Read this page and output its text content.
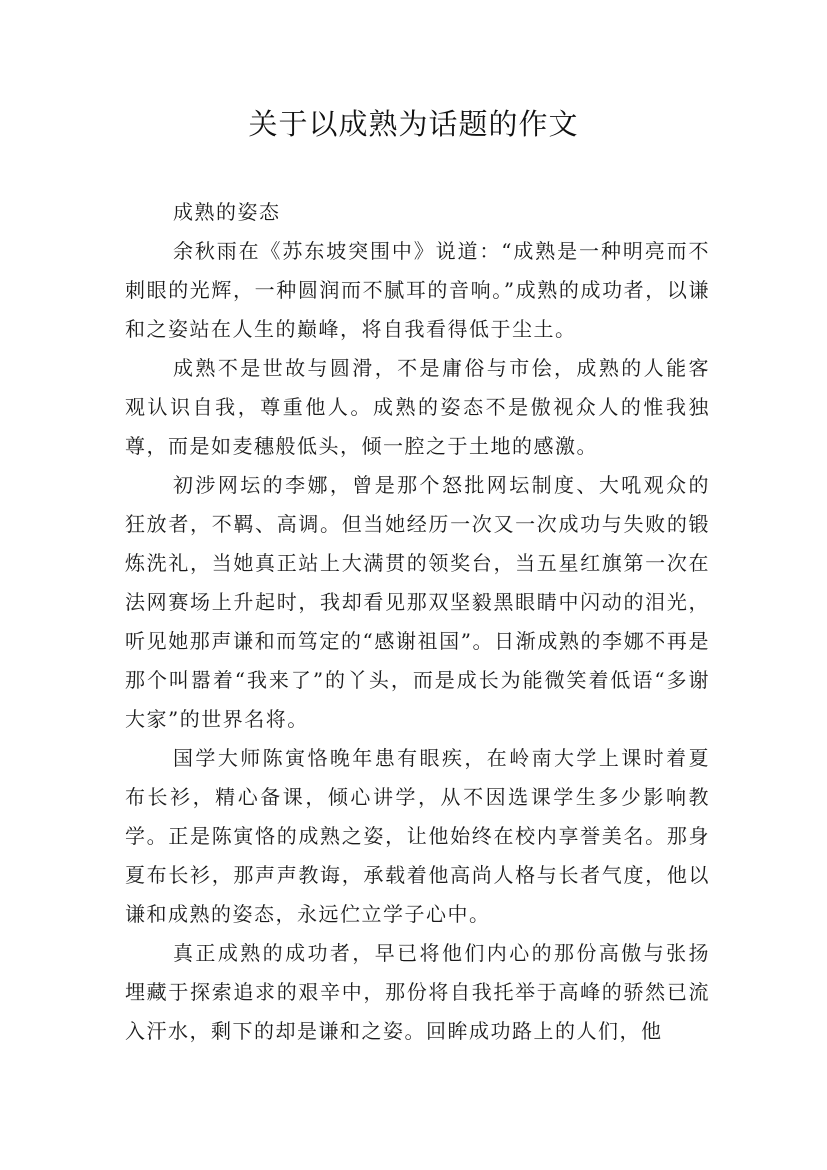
关于以成熟为话题的作文

成熟的姿态

余秋雨在《苏东坡突围中》说道：“成熟是一种明亮而不刺眼的光辉，一种圆润而不腻耳的音响。”成熟的成功者，以谦和之姿站在人生的巅峰，将自我看得低于尘土。

成熟不是世故与圆滑，不是庸俗与市侩，成熟的人能客观认识自我，尊重他人。成熟的姿态不是傲视众人的惟我独尊，而是如麦穗般低头，倾一腔之于土地的感激。

初涉网坛的李娜，曾是那个怒批网坛制度、大吼观众的狂放者，不羁、高调。但当她经历一次又一次成功与失败的锻炼洗礼，当她真正站上大满贯的领奖台，当五星红旗第一次在法网赛场上升起时，我却看见那双坚毅黑眼睛中闪动的泪光，听见她那声谦和而笃定的“感谢祖国”。日渐成熟的李娜不再是那个叫嚣着“我来了”的丫头，而是成长为能微笑着低语“多谢大家”的世界名将。

国学大师陈寅恪晚年患有眼疾，在岭南大学上课时着夏布长衫，精心备课，倾心讲学，从不因选课学生多少影响教学。正是陈寅恪的成熟之姿，让他始终在校内享誉美名。那身夏布长衫，那声声教诲，承载着他高尚人格与长者气度，他以谦和成熟的姿态，永远伫立学子心中。

真正成熟的成功者，早已将他们内心的那份高傲与张扬埋藏于探索追求的艰辛中，那份将自我托举于高峰的骄然已流入汗水，剩下的却是谦和之姿。回眸成功路上的人们，他
